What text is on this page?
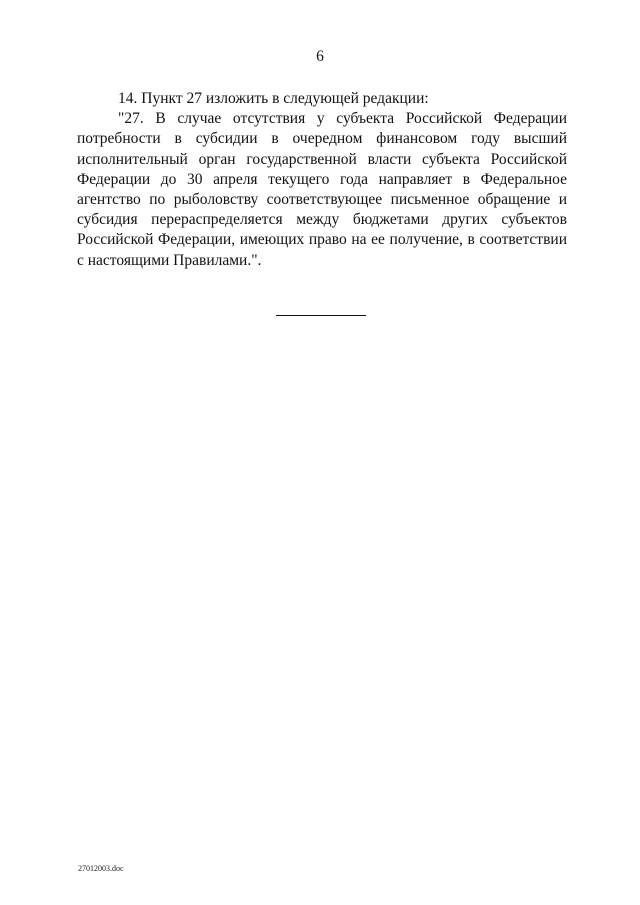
6

14. Пункт 27 изложить в следующей редакции:

"27. В случае отсутствия у субъекта Российской Федерации потребности в субсидии в очередном финансовом году высший исполнительный орган государственной власти субъекта Российской Федерации до 30 апреля текущего года направляет в Федеральное агентство по рыболовству соответствующее письменное обращение и субсидия перераспределяется между бюджетами других субъектов Российской Федерации, имеющих право на ее получение, в соответствии с настоящими Правилами.".

27012003.doc
